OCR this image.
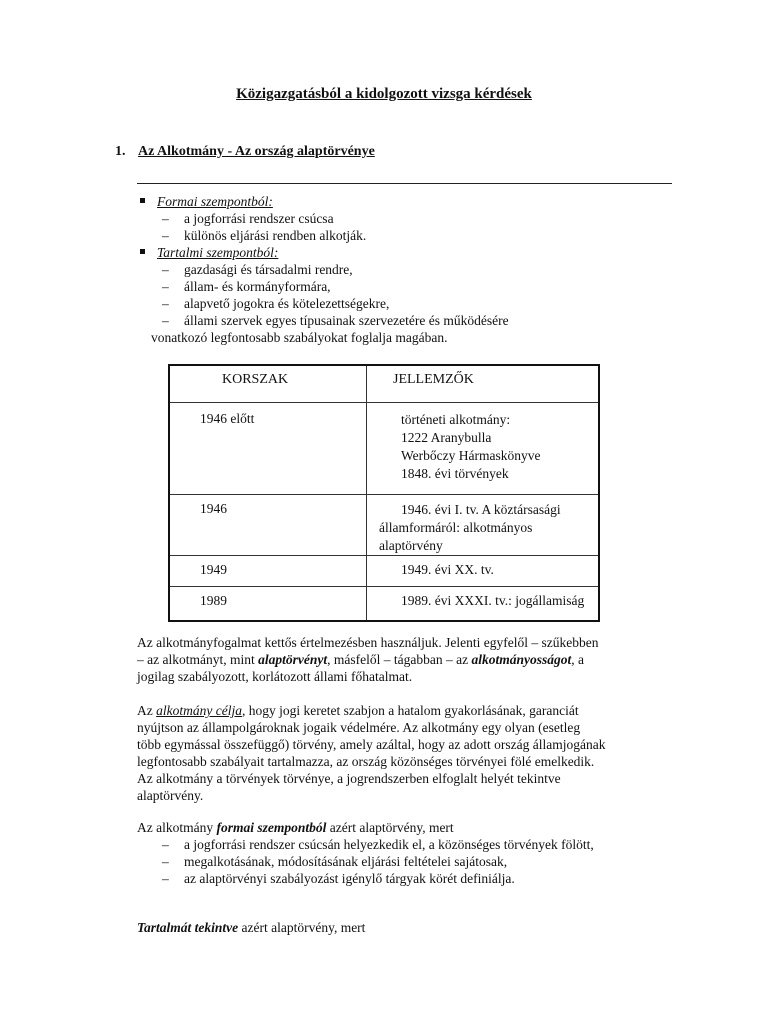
Közigazgatásból a kidolgozott vizsga kérdések
1. Az Alkotmány - Az ország alaptörvénye
Formai szempontból:
– a jogforrási rendszer csúcsa
– különös eljárási rendben alkotják.
Tartalmi szempontból:
– gazdasági és társadalmi rendre,
– állam- és kormányformára,
– alapvető jogokra és kötelezettségekre,
– állami szervek egyes típusainak szervezetére és működésére
vonatkozó legfontosabb szabályokat foglalja magában.
KORSZAK	JELLEMZŐK
1946 előtt	történeti alkotmány:
1222 Aranybulla
Werbőczy Hármaskönyve
1848. évi törvények

1946	1946. évi I. tv. A köztársasági
államformáról: alkotmányos alaptörvény

1949	1949. évi XX. tv.
1989	1989. évi XXXI. tv.: jogállamiság

Az alkotmányfogalmat kettős értelmezésben használjuk. Jelenti egyfelől – szűkebben
– az alkotmányt, mint alaptörvényt, másfelől – tágabban – az alkotmányosságot, a
jogilag szabályozott, korlátozott állami főhatalmat.

Az alkotmány célja, hogy jogi keretet szabjon a hatalom gyakorlásának, garanciát
nyújtson az állampolgároknak jogaik védelmére. Az alkotmány egy olyan (esetleg
több egymással összefüggő) törvény, amely azáltal, hogy az adott ország államjogának
legfontosabb szabályait tartalmazza, az ország közönséges törvényei fölé emelkedik.
Az alkotmány a törvények törvénye, a jogrendszerben elfoglalt helyét tekintve
alaptörvény.

Az alkotmány formai szempontból azért alaptörvény, mert
– a jogforrási rendszer csúcsán helyezkedik el, a közönséges törvények fölött,
– megalkotásának, módosításának eljárási feltételei sajátosak,
– az alaptörvényi szabályozást igénylő tárgyak körét definiálja.
Tartalmát tekintve azért alaptörvény, mert
